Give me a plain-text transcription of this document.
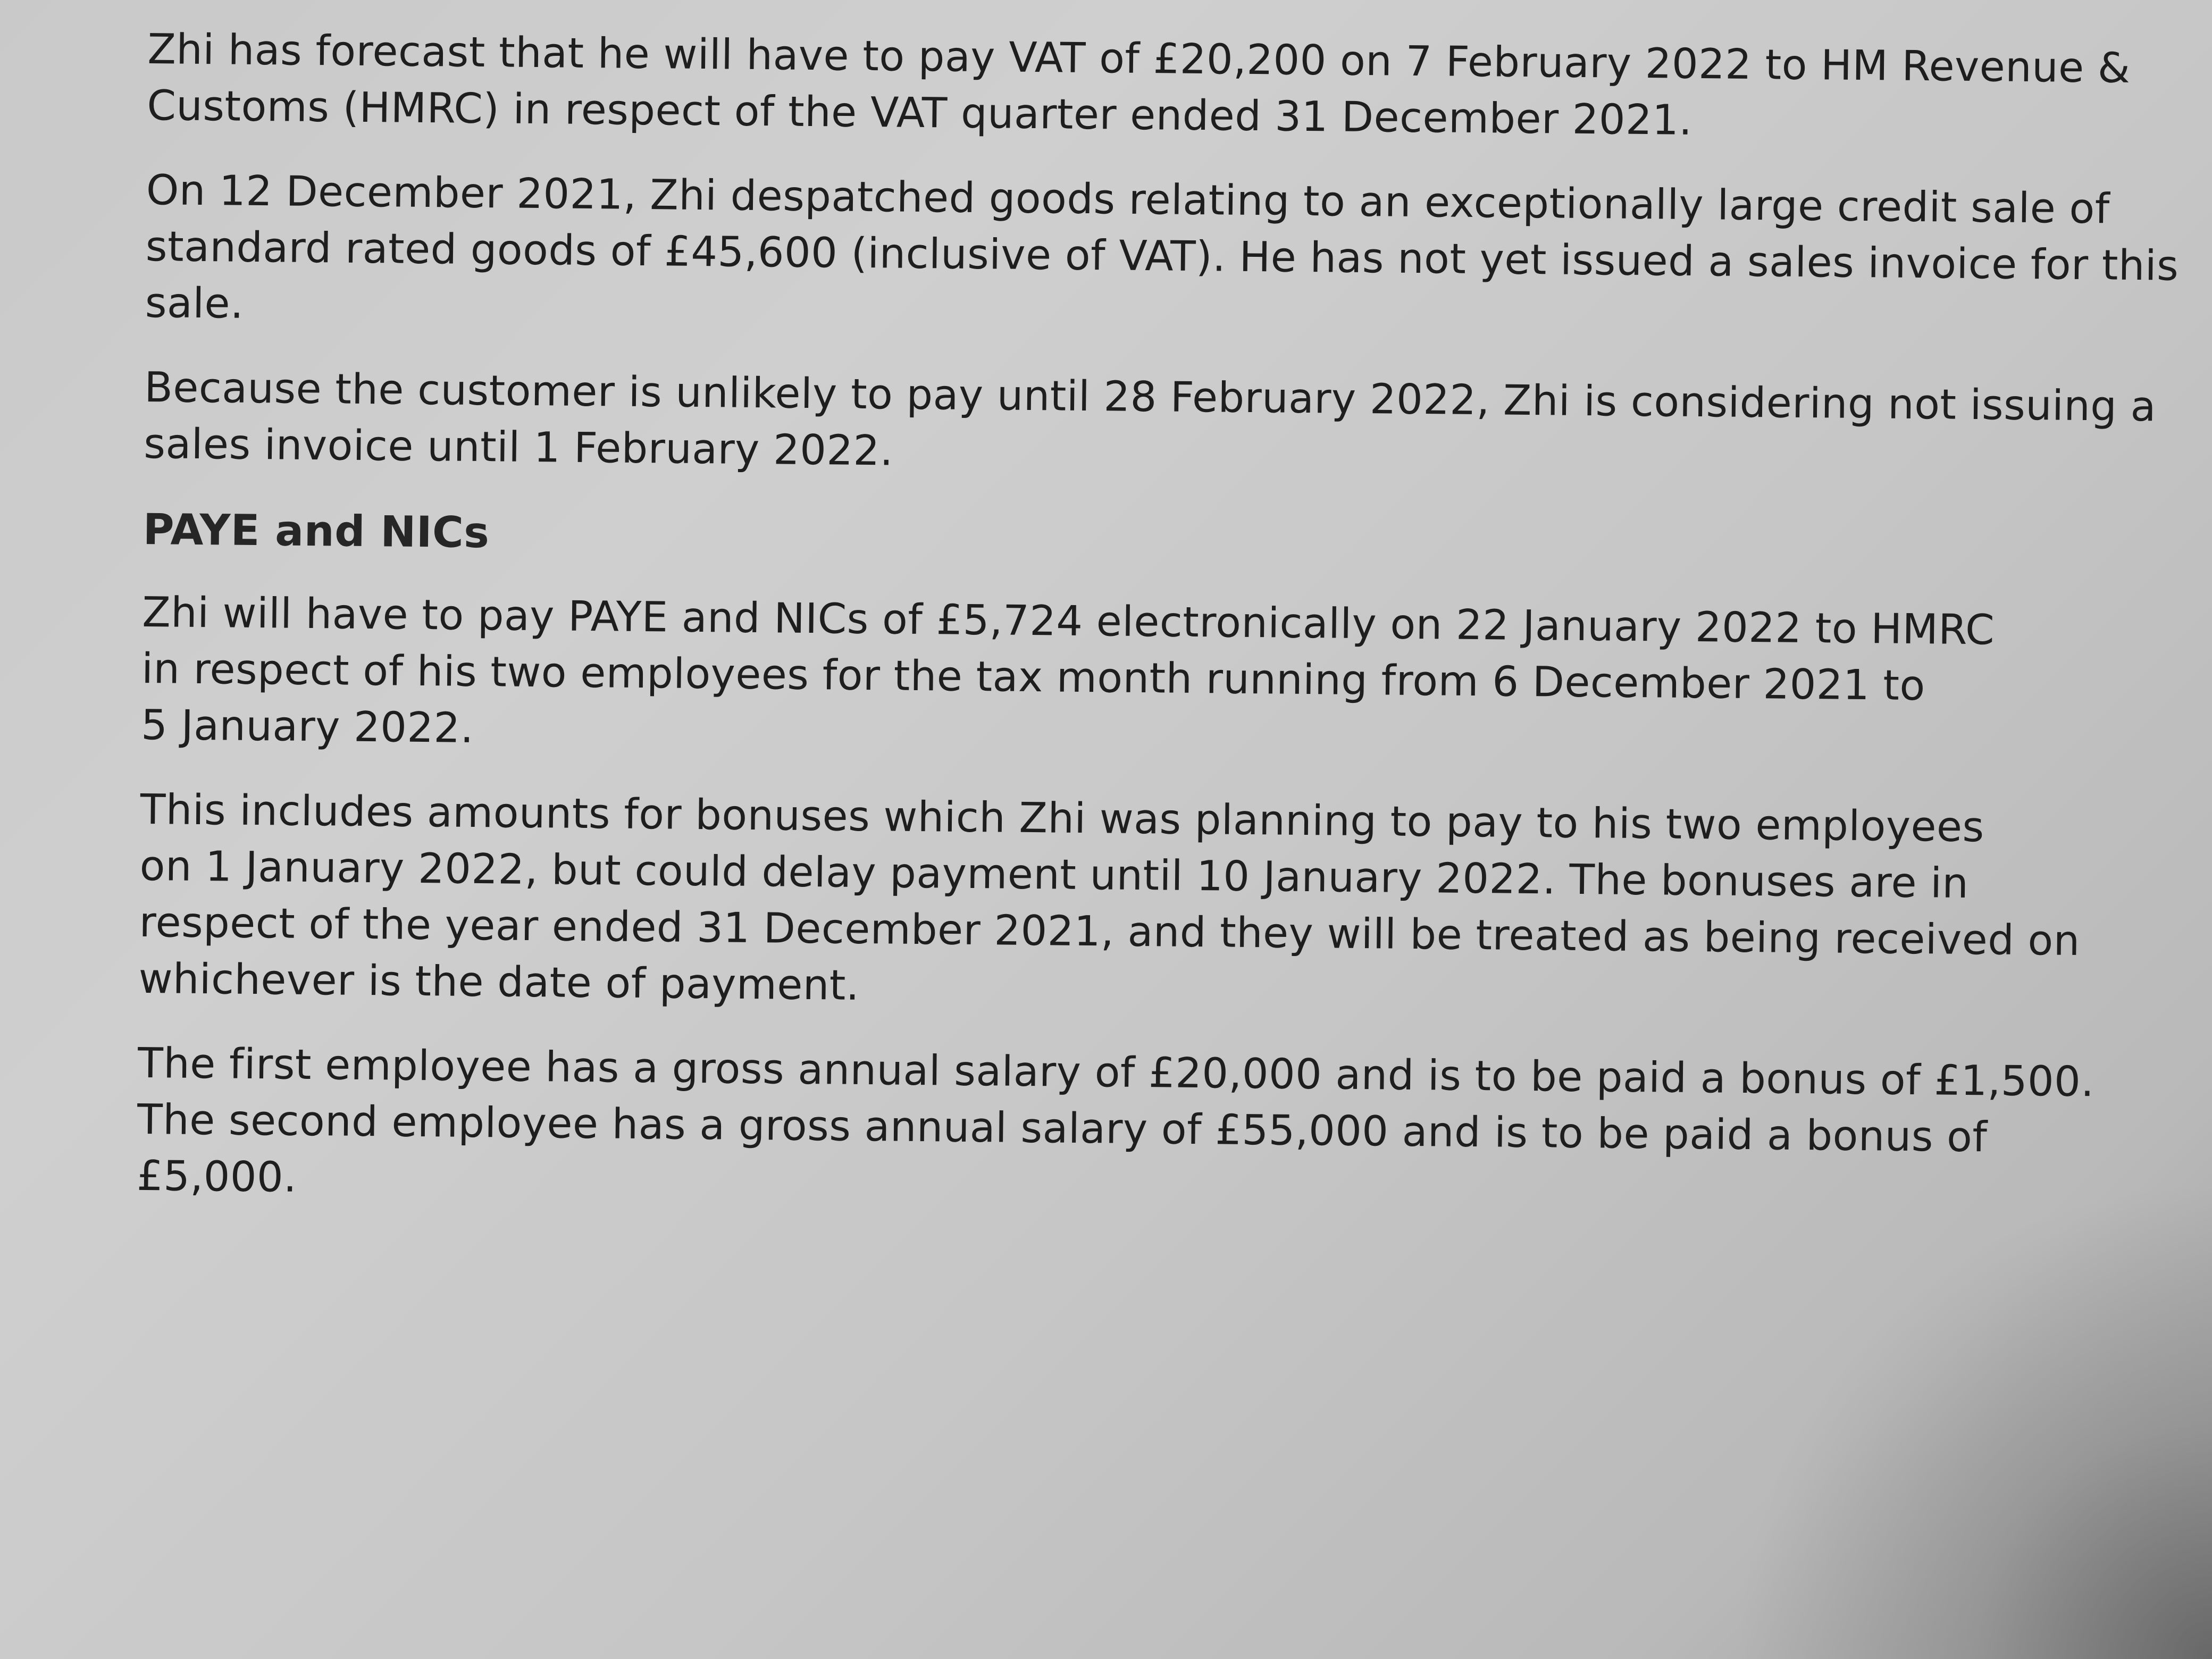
Zhi has forecast that he will have to pay VAT of £20,200 on 7 February 2022 to HM Revenue &
Customs (HMRC) in respect of the VAT quarter ended 31 December 2021.

On 12 December 2021, Zhi despatched goods relating to an exceptionally large credit sale of
standard rated goods of £45,600 (inclusive of VAT). He has not yet issued a sales invoice for this
sale.

Because the customer is unlikely to pay until 28 February 2022, Zhi is considering not issuing a
sales invoice until 1 February 2022.

PAYE and NICs

Zhi will have to pay PAYE and NICs of £5,724 electronically on 22 January 2022 to HMRC
in respect of his two employees for the tax month running from 6 December 2021 to
5 January 2022.

This includes amounts for bonuses which Zhi was planning to pay to his two employees
on 1 January 2022, but could delay payment until 10 January 2022. The bonuses are in
respect of the year ended 31 December 2021, and they will be treated as being received on
whichever is the date of payment.

The first employee has a gross annual salary of £20,000 and is to be paid a bonus of £1,500.
The second employee has a gross annual salary of £55,000 and is to be paid a bonus of
£5,000.
